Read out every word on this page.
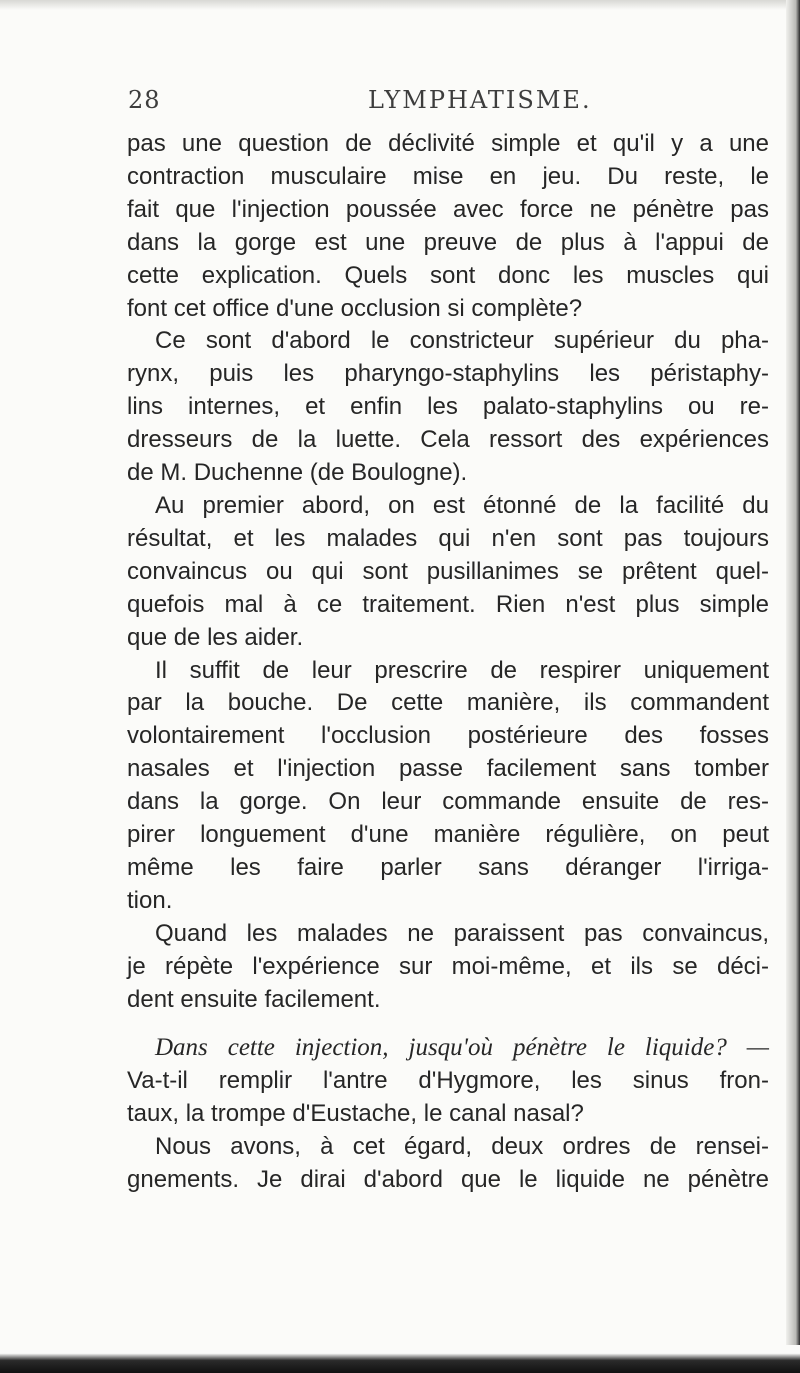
28	LYMPHATISME.
pas une question de déclivité simple et qu'il y a une
contraction musculaire mise en jeu. Du reste, le
fait que l'injection poussée avec force ne pénètre pas
dans la gorge est une preuve de plus à l'appui de
cette explication. Quels sont donc les muscles qui
font cet office d'une occlusion si complète?
Ce sont d'abord le constricteur supérieur du pha-
rynx, puis les pharyngo-staphylins les péristaphy-
lins internes, et enfin les palato-staphylins ou re-
dresseurs de la luette. Cela ressort des expériences
de M. Duchenne (de Boulogne).
Au premier abord, on est étonné de la facilité du
résultat, et les malades qui n'en sont pas toujours
convaincus ou qui sont pusillanimes se prêtent quel-
quefois mal à ce traitement. Rien n'est plus simple
que de les aider.
Il suffit de leur prescrire de respirer uniquement
par la bouche. De cette manière, ils commandent
volontairement l'occlusion postérieure des fosses
nasales et l'injection passe facilement sans tomber
dans la gorge. On leur commande ensuite de res-
pirer longuement d'une manière régulière, on peut
même les faire parler sans déranger l'irriga-
tion.
Quand les malades ne paraissent pas convaincus,
je répète l'expérience sur moi-même, et ils se déci-
dent ensuite facilement.
Dans cette injection, jusqu'où pénètre le liquide? —
Va-t-il remplir l'antre d'Hygmore, les sinus fron-
taux, la trompe d'Eustache, le canal nasal?
Nous avons, à cet égard, deux ordres de rensei-
gnements. Je dirai d'abord que le liquide ne pénètre
